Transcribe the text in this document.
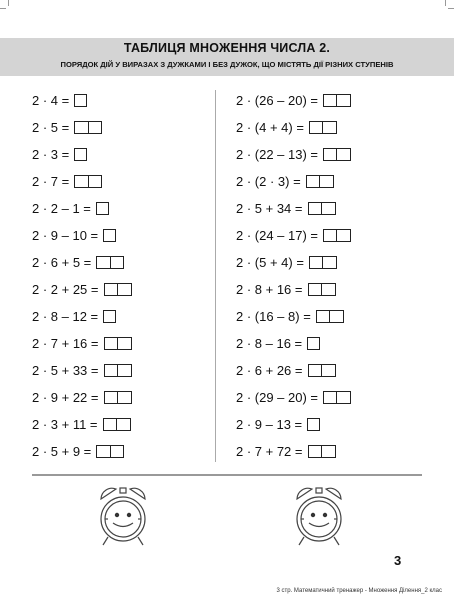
ТАБЛИЦЯ МНОЖЕННЯ ЧИСЛА 2.
ПОРЯДОК ДІЙ У ВИРАЗАХ З ДУЖКАМИ І БЕЗ ДУЖОК, ЩО МІСТЯТЬ ДІЇ РІЗНИХ СТУПЕНІВ
2 · 4 =
2 · 5 =
2 · 3 =
2 · 7 =
2 · 2 – 1 =
2 · 9 – 10 =
2 · 6 + 5 =
2 · 2 + 25 =
2 · 8 – 12 =
2 · 7 + 16 =
2 · 5 + 33 =
2 · 9 + 22 =
2 · 3 + 11 =
2 · 5 + 9 =
2 · (26 – 20) =
2 · (4 + 4) =
2 · (22 – 13) =
2 · (2 · 3) =
2 · 5 + 34 =
2 · (24 – 17) =
2 · (5 + 4) =
2 · 8 + 16 =
2 · (16 – 8) =
2 · 8 – 16 =
2 · 6 + 26 =
2 · (29 – 20) =
2 · 9 – 13 =
2 · 7 + 72 =
3
3 стр. Математичний тренажер - Множення Ділення_2 клас
